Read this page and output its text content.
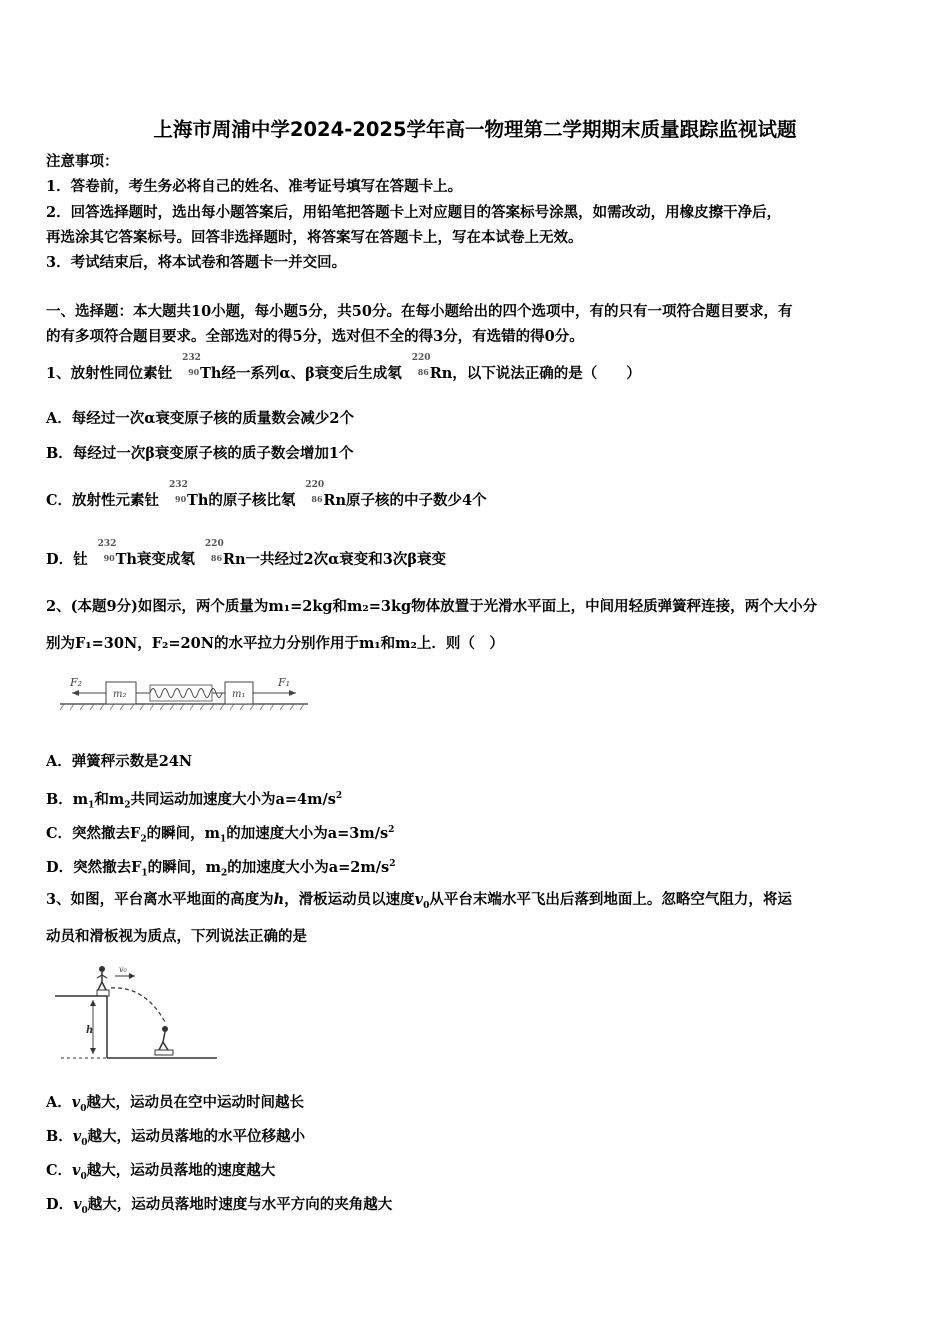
上海市周浦中学2024-2025学年高一物理第二学期期末质量跟踪监视试题
注意事项：
1．答卷前，考生务必将自己的姓名、准考证号填写在答题卡上。
2．回答选择题时，选出每小题答案后，用铅笔把答题卡上对应题目的答案标号涂黑，如需改动，用橡皮擦干净后，
再选涂其它答案标号。回答非选择题时，将答案写在答题卡上，写在本试卷上无效。
3．考试结束后，将本试卷和答题卡一并交回。
一、选择题：本大题共10小题，每小题5分，共50分。在每小题给出的四个选项中，有的只有一项符合题目要求，有
的有多项符合题目要求。全部选对的得5分，选对但不全的得3分，有选错的得0分。
1、放射性同位素钍
232
90 Th经一系列α、β衰变后生成氡
220
86 Rn，以下说法正确的是（　　）
A．每经过一次α衰变原子核的质量数会减少2个
B．每经过一次β衰变原子核的质子数会增加1个
C．放射性元素钍
232
90 Th的原子核比氡
220
86 Rn原子核的中子数少4个
D．钍
232
90 Th衰变成氡
220
86 Rn一共经过2次α衰变和3次β衰变
2、(本题9分)如图示，两个质量为m₁=2kg和m₂=3kg物体放置于光滑水平面上，中间用轻质弹簧秤连接，两个大小分
别为F₁=30N，F₂=20N的水平拉力分别作用于m₁和m₂上．则（　）
m₂	m₁
F₂	F₁
A．弹簧秤示数是24N
B．$m_1$和$m_2$共同运动加速度大小为$a=4m/s^2$
C．突然撤去$F_2$的瞬间，$m_1$的加速度大小为$a=3m/s^2$
D．突然撤去$F_1$的瞬间，$m_2$的加速度大小为$a=2m/s^2$
3、如图，平台离水平地面的高度为h，滑板运动员以速度$v_0$从平台末端水平飞出后落到地面上。忽略空气阻力，将运
动员和滑板视为质点，下列说法正确的是
h
v₀
A．$v_0$越大，运动员在空中运动时间越长
B．$v_0$越大，运动员落地的水平位移越小
C．$v_0$越大，运动员落地的速度越大
D．$v_0$越大，运动员落地时速度与水平方向的夹角越大
